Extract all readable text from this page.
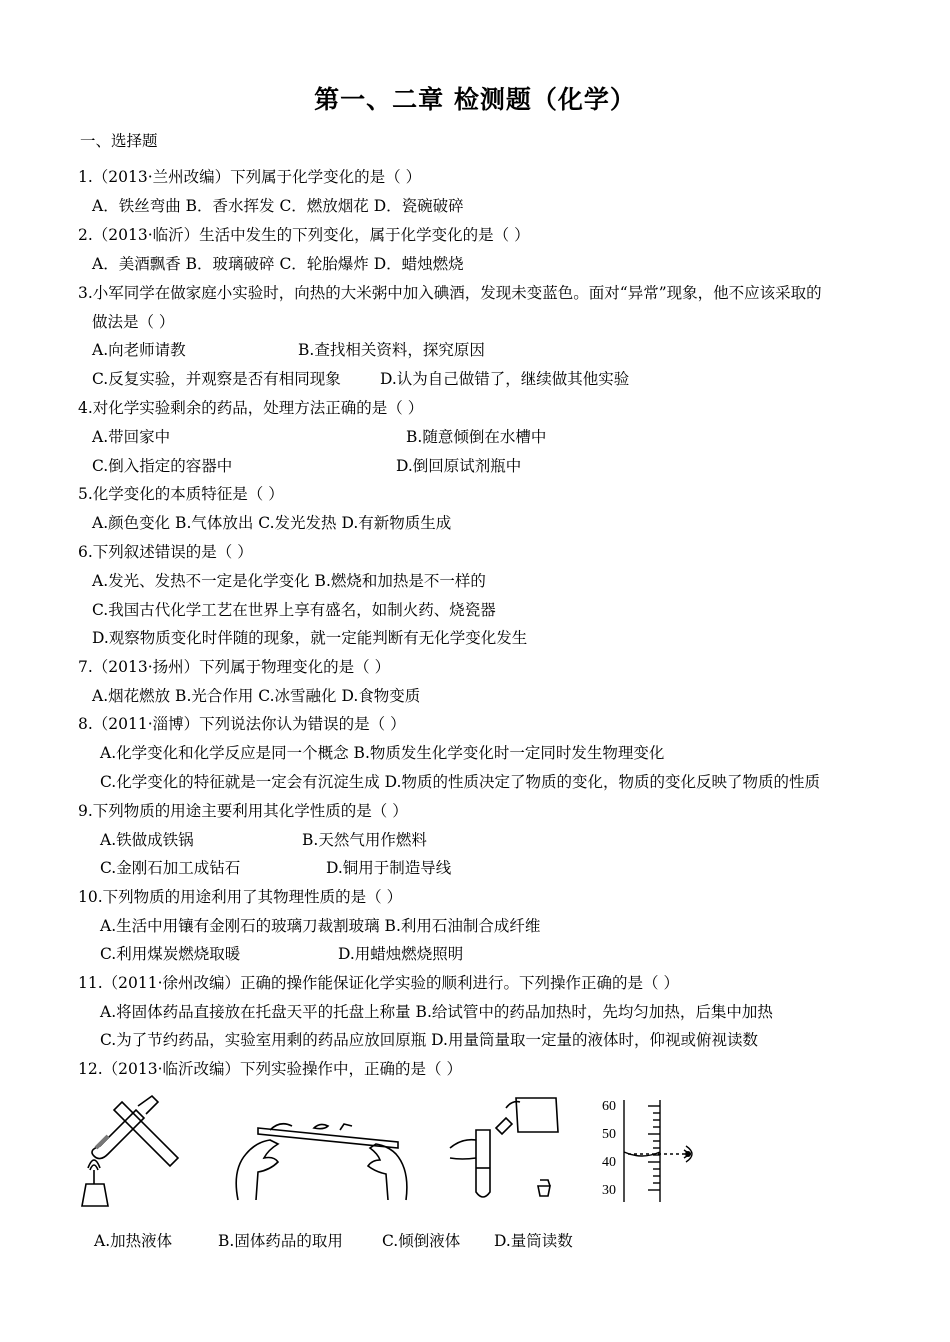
第一、二章 检测题（化学）
一、选择题
1.（2013·兰州改编）下列属于化学变化的是（ ）
A．铁丝弯曲 B．香水挥发 C．燃放烟花 D．瓷碗破碎
2.（2013·临沂）生活中发生的下列变化，属于化学变化的是（ ）
A．美酒飘香 B．玻璃破碎 C．轮胎爆炸 D．蜡烛燃烧
3.小军同学在做家庭小实验时，向热的大米粥中加入碘酒，发现未变蓝色。面对“异常”现象，他不应该采取的
做法是（ ）
A.向老师请教	B.查找相关资料，探究原因
C.反复实验，并观察是否有相同现象	D.认为自己做错了，继续做其他实验
4.对化学实验剩余的药品，处理方法正确的是（ ）
A.带回家中	B.随意倾倒在水槽中
C.倒入指定的容器中	D.倒回原试剂瓶中
5.化学变化的本质特征是（ ）
A.颜色变化 B.气体放出 C.发光发热 D.有新物质生成
6.下列叙述错误的是（ ）
A.发光、发热不一定是化学变化 B.燃烧和加热是不一样的
C.我国古代化学工艺在世界上享有盛名，如制火药、烧瓷器
D.观察物质变化时伴随的现象，就一定能判断有无化学变化发生
7.（2013·扬州）下列属于物理变化的是（ ）
A.烟花燃放 B.光合作用 C.冰雪融化 D.食物变质
8.（2011·淄博）下列说法你认为错误的是（ ）
A.化学变化和化学反应是同一个概念 B.物质发生化学变化时一定同时发生物理变化
C.化学变化的特征就是一定会有沉淀生成 D.物质的性质决定了物质的变化，物质的变化反映了物质的性质
9.下列物质的用途主要利用其化学性质的是（ ）
A.铁做成铁锅	B.天然气用作燃料
C.金刚石加工成钻石	D.铜用于制造导线
10.下列物质的用途利用了其物理性质的是（ ）
A.生活中用镶有金刚石的玻璃刀裁割玻璃 B.利用石油制合成纤维
C.利用煤炭燃烧取暖	D.用蜡烛燃烧照明
11.（2011·徐州改编）正确的操作能保证化学实验的顺利进行。下列操作正确的是（ ）
A.将固体药品直接放在托盘天平的托盘上称量 B.给试管中的药品加热时，先均匀加热，后集中加热
C.为了节约药品，实验室用剩的药品应放回原瓶 D.用量筒量取一定量的液体时，仰视或俯视读数
12.（2013·临沂改编）下列实验操作中，正确的是（ ）
60
50
40
30
A.加热液体	B.固体药品的取用	C.倾倒液体 D.量筒读数
